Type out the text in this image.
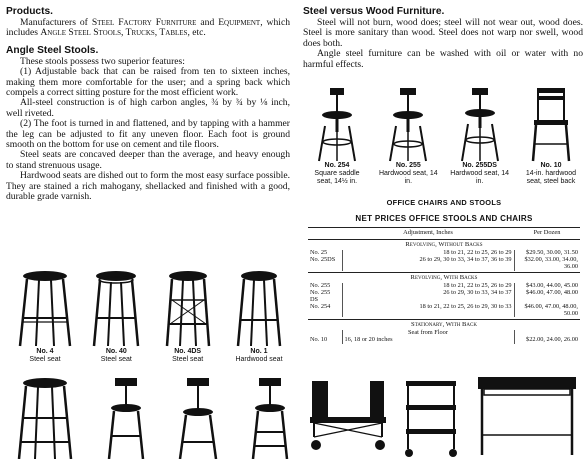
Products.
Manufacturers of Steel Factory Furniture and Equipment, which includes Angle Steel Stools, Trucks, Tables, etc.
Angle Steel Stools.
These stools possess two superior features:
(1) Adjustable back that can be raised from ten to sixteen inches, making them more comfortable for the user; and a spring back which compels a correct sitting posture for the most efficient work.
All-steel construction is of high carbon angles, ¾ by ¾ by ⅛ inch, well riveted.
(2) The foot is turned in and flattened, and by tapping with a hammer the leg can be adjusted to fit any uneven floor. Each foot is ground smooth on the bottom for use on cement and tile floors.
Steel seats are concaved deeper than the average, and heavy enough to stand strenuous usage.
Hardwood seats are dished out to form the most easy surface possible. They are stained a rich mahogany, shellacked and finished with a good, durable grade varnish.
No. 4
Steel seat
No. 40
Steel seat
No. 4DS
Steel seat
No. 1
Hardwood seat
Steel versus Wood Furniture.
Steel will not burn, wood does; steel will not wear out, wood does. Steel is more sanitary than wood. Steel does not warp nor swell, wood does both.
Angle steel furniture can be washed with oil or water with no harmful effects.
No. 254
Square saddle seat, 14½ in.
No. 255
Hardwood seat, 14 in.
No. 255DS
Hardwood seat, 14 in.
No. 10
14-in. hardwood seat, steel back
OFFICE CHAIRS AND STOOLS
NET PRICES OFFICE STOOLS AND CHAIRS
	Adjustment, Inches	Per Dozen
Revolving, Without Backs		
No. 25	18 to 21, 22 to 25, 26 to 29	$29.50, 30.00, 31.50
No. 25DS	26 to 29, 30 to 33, 34 to 37, 36 to 39	$32.00, 33.00, 34.00, 36.00

Revolving, With Backs		
No. 255	18 to 21, 22 to 25, 26 to 29	$43.00, 44.00, 45.00
No. 255 DS	26 to 29, 30 to 33, 34 to 37	$46.00, 47.00, 48.00
No. 254	18 to 21, 22 to 25, 26 to 29, 30 to 33	$46.00, 47.00, 48.00, 50.00

Stationary, With Back		
	Seat from Floor	
No. 10	16, 18 or 20 inches	$22.00, 24.00, 26.00
